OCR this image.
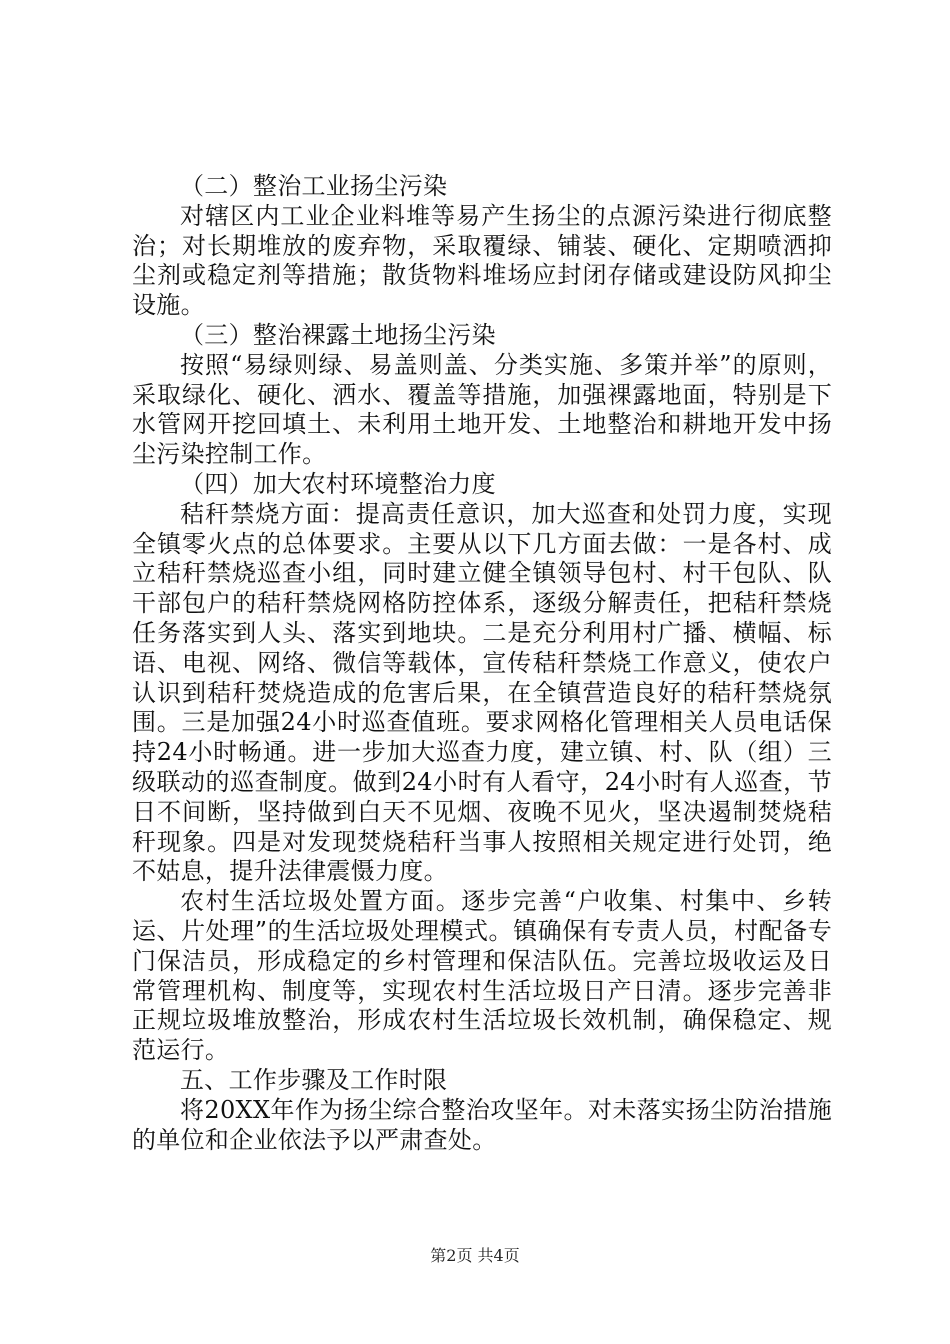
（二）整治工业扬尘污染

对辖区内工业企业料堆等易产生扬尘的点源污染进行彻底整治；对长期堆放的废弃物，采取覆绿、铺装、硬化、定期喷洒抑尘剂或稳定剂等措施；散货物料堆场应封闭存储或建设防风抑尘设施。

（三）整治裸露土地扬尘污染

按照“易绿则绿、易盖则盖、分类实施、多策并举”的原则，采取绿化、硬化、洒水、覆盖等措施，加强裸露地面，特别是下水管网开挖回填土、未利用土地开发、土地整治和耕地开发中扬尘污染控制工作。

（四）加大农村环境整治力度

秸秆禁烧方面：提高责任意识，加大巡查和处罚力度，实现全镇零火点的总体要求。主要从以下几方面去做：一是各村、成立秸秆禁烧巡查小组，同时建立健全镇领导包村、村干包队、队干部包户的秸秆禁烧网格防控体系，逐级分解责任，把秸秆禁烧任务落实到人头、落实到地块。二是充分利用村广播、横幅、标语、电视、网络、微信等载体，宣传秸秆禁烧工作意义，使农户认识到秸秆焚烧造成的危害后果，在全镇营造良好的秸秆禁烧氛围。三是加强24小时巡查值班。要求网格化管理相关人员电话保持24小时畅通。进一步加大巡查力度，建立镇、村、队（组）三级联动的巡查制度。做到24小时有人看守，24小时有人巡查，节日不间断，坚持做到白天不见烟、夜晚不见火，坚决遏制焚烧秸秆现象。四是对发现焚烧秸秆当事人按照相关规定进行处罚，绝不姑息，提升法律震慑力度。

农村生活垃圾处置方面。逐步完善“户收集、村集中、乡转运、片处理”的生活垃圾处理模式。镇确保有专责人员，村配备专门保洁员，形成稳定的乡村管理和保洁队伍。完善垃圾收运及日常管理机构、制度等，实现农村生活垃圾日产日清。逐步完善非正规垃圾堆放整治，形成农村生活垃圾长效机制，确保稳定、规范运行。

五、工作步骤及工作时限

将20XX年作为扬尘综合整治攻坚年。对未落实扬尘防治措施的单位和企业依法予以严肃查处。

第2页 共4页
